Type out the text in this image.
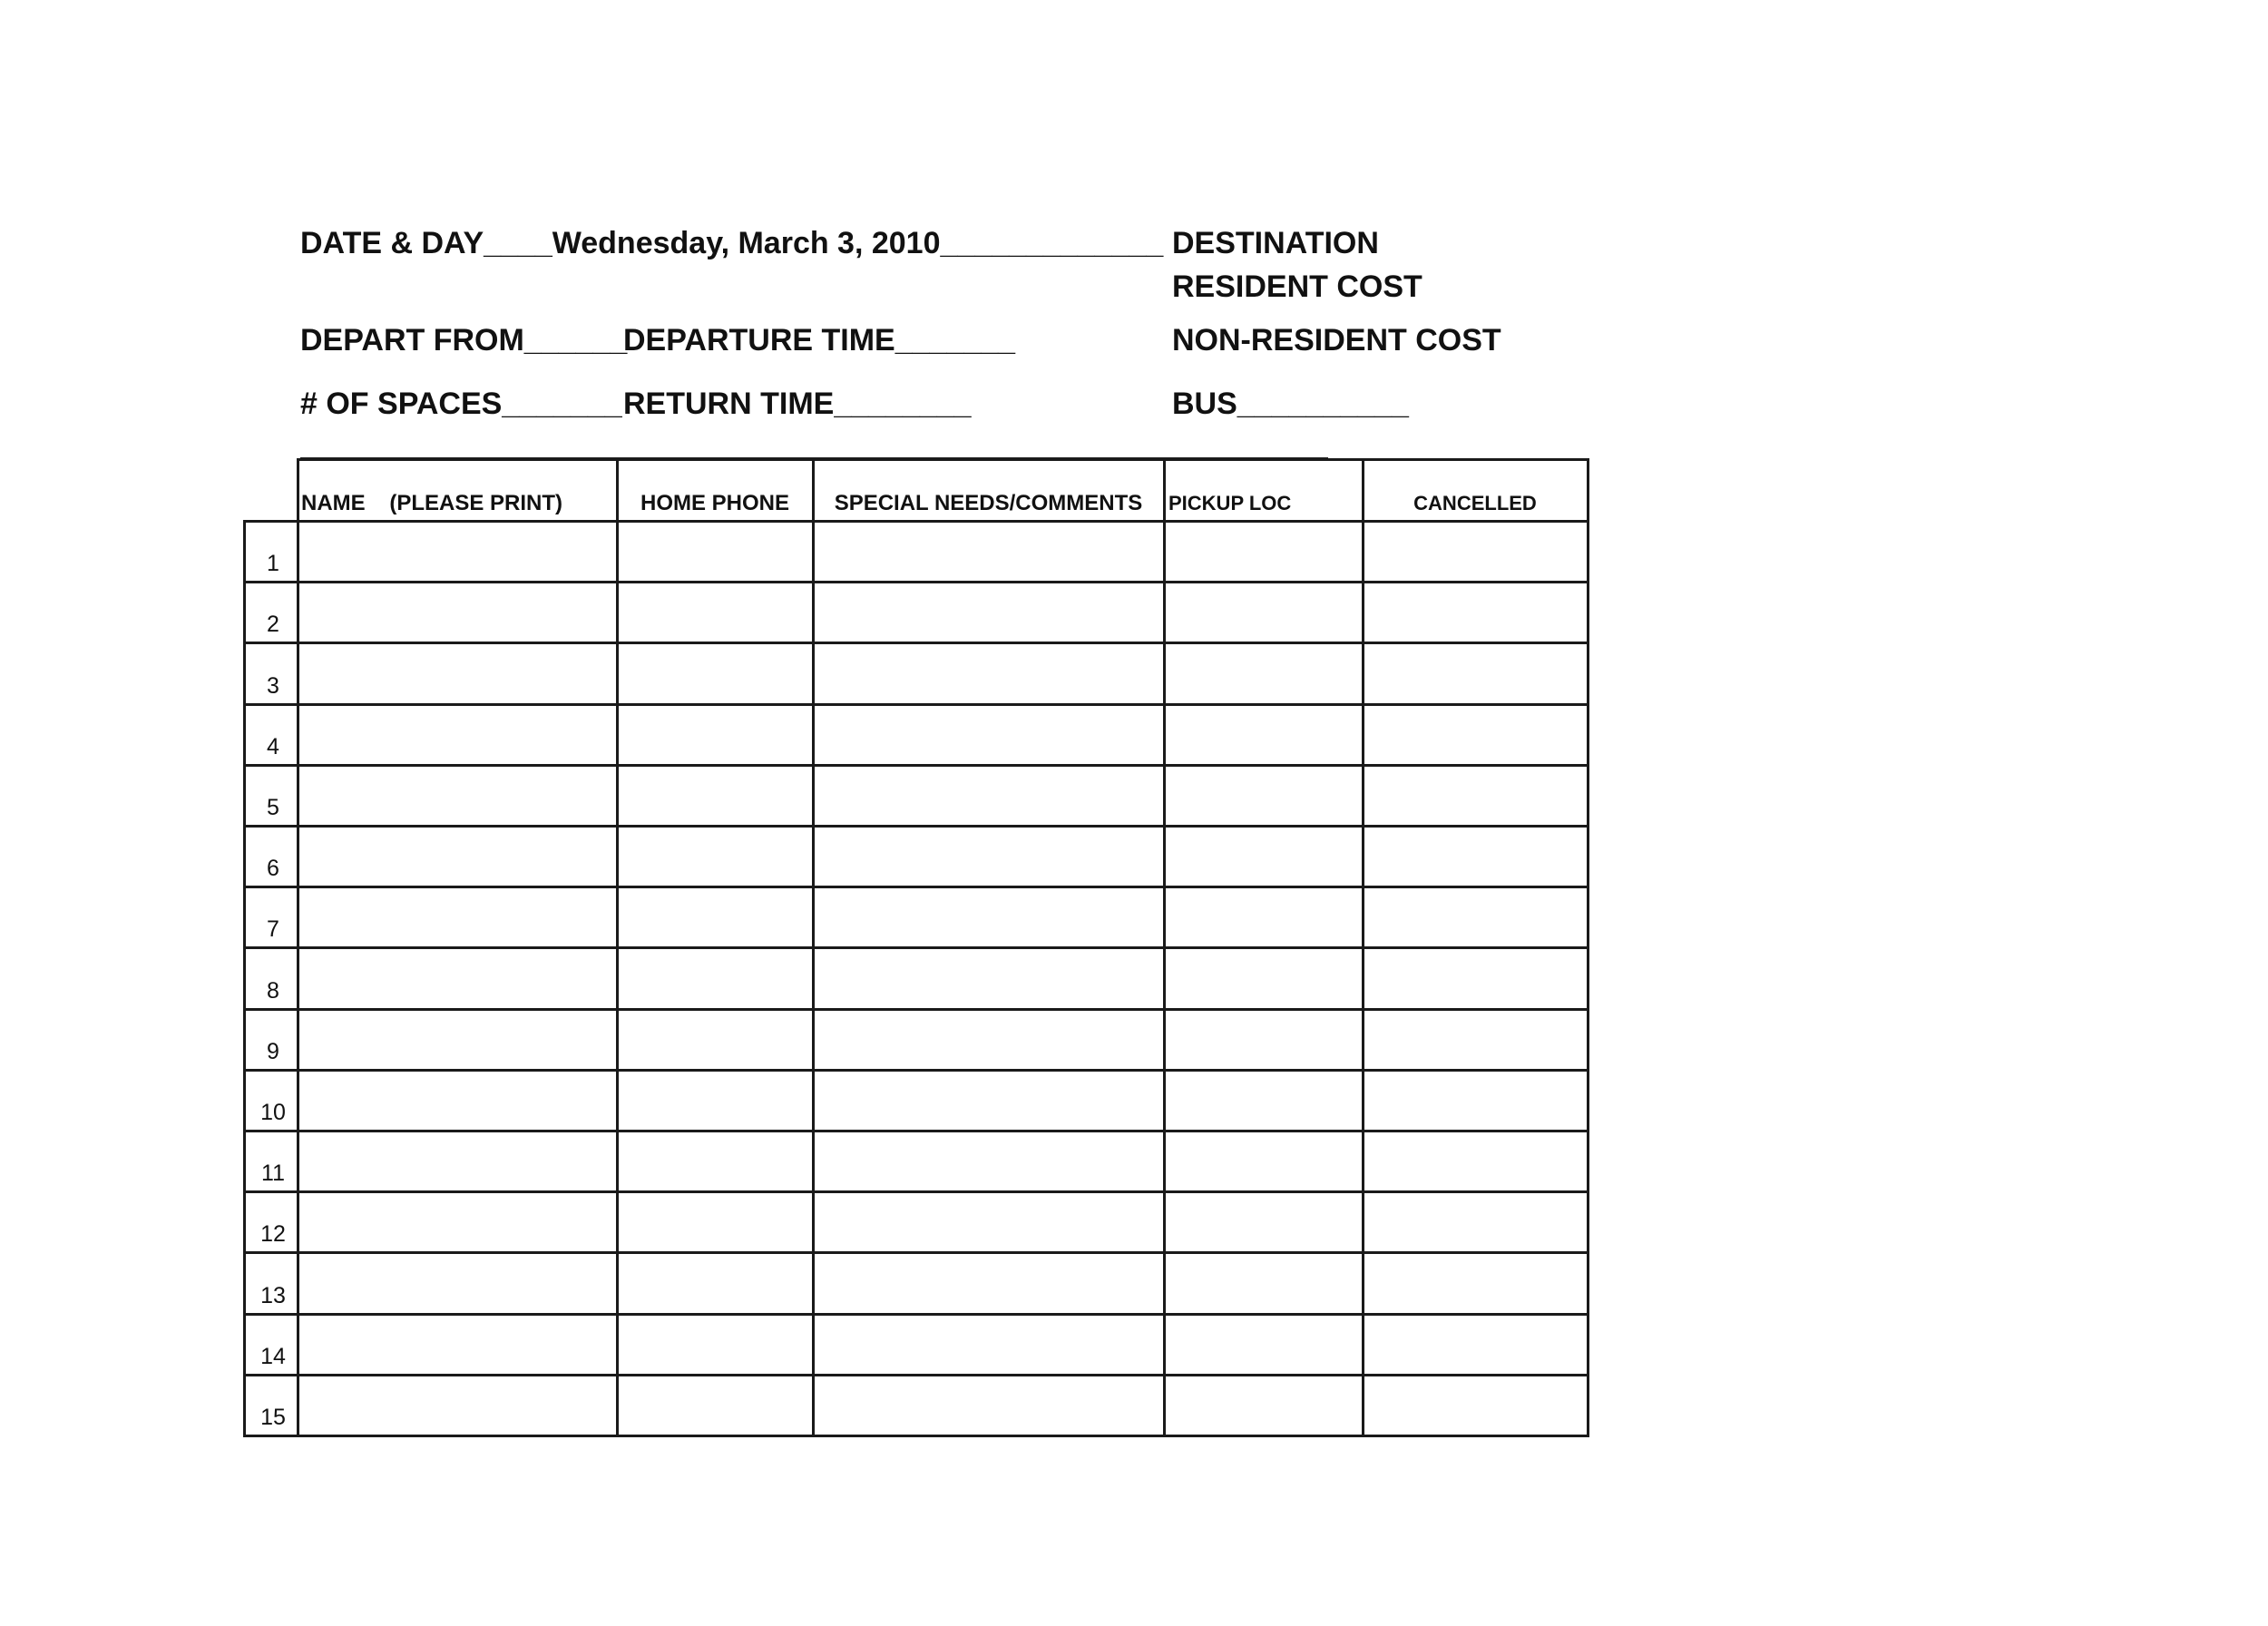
DATE & DAY____Wednesday, March 3, 2010_____________ DESTINATION
RESIDENT COST
DEPART FROM______
DEPARTURE TIME_______	NON-RESIDENT COST
# OF SPACES_______ RETURN TIME________	BUS__________
NAME    (PLEASE PRINT)	HOME PHONE	SPECIAL NEEDS/COMMENTS	PICKUP LOC	CANCELLED
1
2
3
4
5
6
7
8
9
10
11
12
13
14
15
